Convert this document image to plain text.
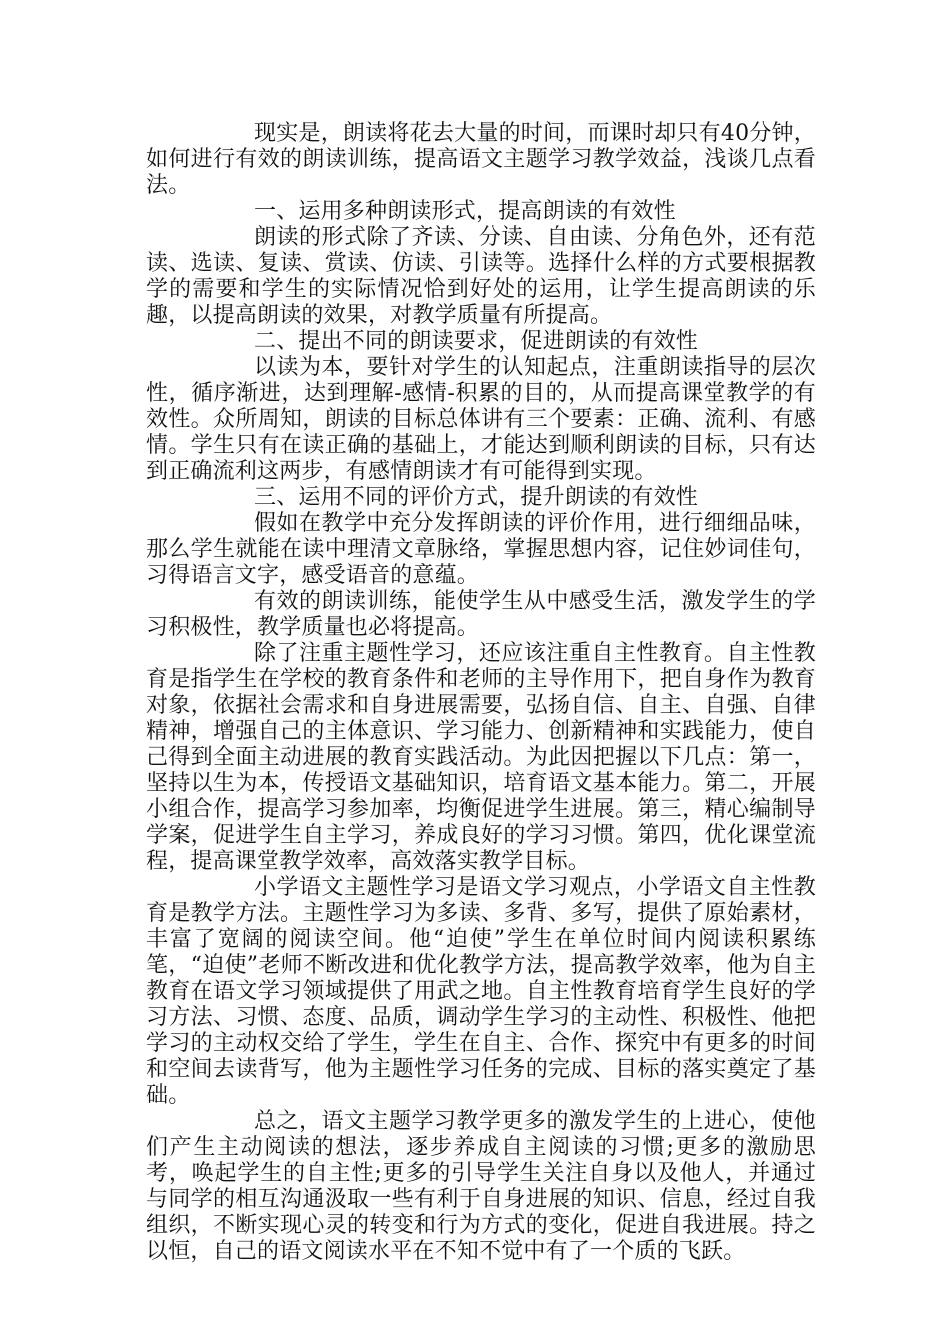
现实是，朗读将花去大量的时间，而课时却只有40分钟，如何进行有效的朗读训练，提高语文主题学习教学效益，浅谈几点看法。

一、运用多种朗读形式，提高朗读的有效性

朗读的形式除了齐读、分读、自由读、分角色外，还有范读、选读、复读、赏读、仿读、引读等。选择什么样的方式要根据教学的需要和学生的实际情况恰到好处的运用，让学生提高朗读的乐趣，以提高朗读的效果，对教学质量有所提高。

二、提出不同的朗读要求，促进朗读的有效性

以读为本，要针对学生的认知起点，注重朗读指导的层次性，循序渐进，达到理解-感情-积累的目的，从而提高课堂教学的有效性。众所周知，朗读的目标总体讲有三个要素：正确、流利、有感情。学生只有在读正确的基础上，才能达到顺利朗读的目标，只有达到正确流利这两步，有感情朗读才有可能得到实现。

三、运用不同的评价方式，提升朗读的有效性

假如在教学中充分发挥朗读的评价作用，进行细细品味，那么学生就能在读中理清文章脉络，掌握思想内容，记住妙词佳句，习得语言文字，感受语音的意蕴。

有效的朗读训练，能使学生从中感受生活，激发学生的学习积极性，教学质量也必将提高。

除了注重主题性学习，还应该注重自主性教育。自主性教育是指学生在学校的教育条件和老师的主导作用下，把自身作为教育对象，依据社会需求和自身进展需要，弘扬自信、自主、自强、自律精神，增强自己的主体意识、学习能力、创新精神和实践能力，使自己得到全面主动进展的教育实践活动。为此因把握以下几点：第一，坚持以生为本，传授语文基础知识，培育语文基本能力。第二，开展小组合作，提高学习参加率，均衡促进学生进展。第三，精心编制导学案，促进学生自主学习，养成良好的学习习惯。第四，优化课堂流程，提高课堂教学效率，高效落实教学目标。

小学语文主题性学习是语文学习观点，小学语文自主性教育是教学方法。主题性学习为多读、多背、多写，提供了原始素材，丰富了宽阔的阅读空间。他“迫使”学生在单位时间内阅读积累练笔，“迫使”老师不断改进和优化教学方法，提高教学效率，他为自主教育在语文学习领域提供了用武之地。自主性教育培育学生良好的学习方法、习惯、态度、品质，调动学生学习的主动性、积极性、他把学习的主动权交给了学生，学生在自主、合作、探究中有更多的时间和空间去读背写，他为主题性学习任务的完成、目标的落实奠定了基础。

总之，语文主题学习教学更多的激发学生的上进心，使他们产生主动阅读的想法，逐步养成自主阅读的习惯;更多的激励思考，唤起学生的自主性;更多的引导学生关注自身以及他人，并通过与同学的相互沟通汲取一些有利于自身进展的知识、信息，经过自我组织，不断实现心灵的转变和行为方式的变化，促进自我进展。持之以恒，自己的语文阅读水平在不知不觉中有了一个质的飞跃。
